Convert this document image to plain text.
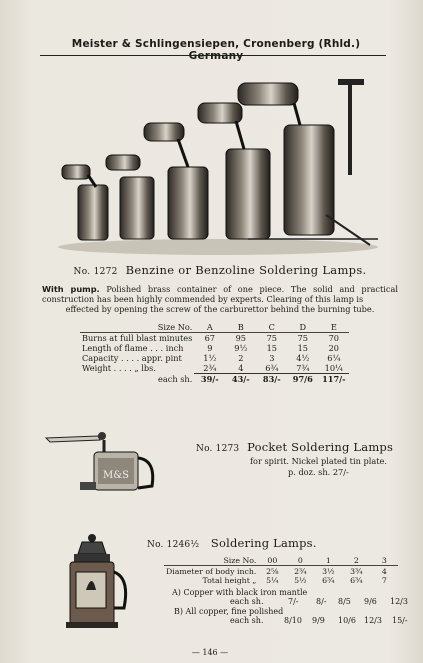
Meister & Schlingensiepen, Cronenberg (Rhld.) Germany
No. 1272 Benzine or Benzoline Soldering Lamps.
With pump. Polished brass container of one piece. The solid and practical construction has been highly commended by experts. Clearing of this lamp is
effected by opening the screw of the carburettor behind the burning tube.
Size No.	A	B	C	D	E
Burns at full blast minutes	67	95	75	75	70
Length of flame . . . inch	9	9½	15	15	20
Capacity . . . . appr. pint	1½	2	3	4½	6¼
Weight . . . . „ lbs.	2¾	4	6¾	7¾	10¼
each sh.	39/-	43/-	83/-	97/6	117/-
M&S
No. 1273 Pocket Soldering Lamps
for spirit. Nickel plated tin plate.
p. doz. sh. 27/-
No. 1246½ Soldering Lamps.
Size No.	00	0	1	2	3
Diameter of body inch.	2⅝	2¾	3½	3¾	4
Total height „	5¼	5½	6¾	6¾	7
A) Copper with black iron mantle
each sh.	7/- 8/- 8/5 9/6 12/3
B) All copper, fine polished
each sh.	8/10 9/9 10/6 12/3 15/-
— 146 —
